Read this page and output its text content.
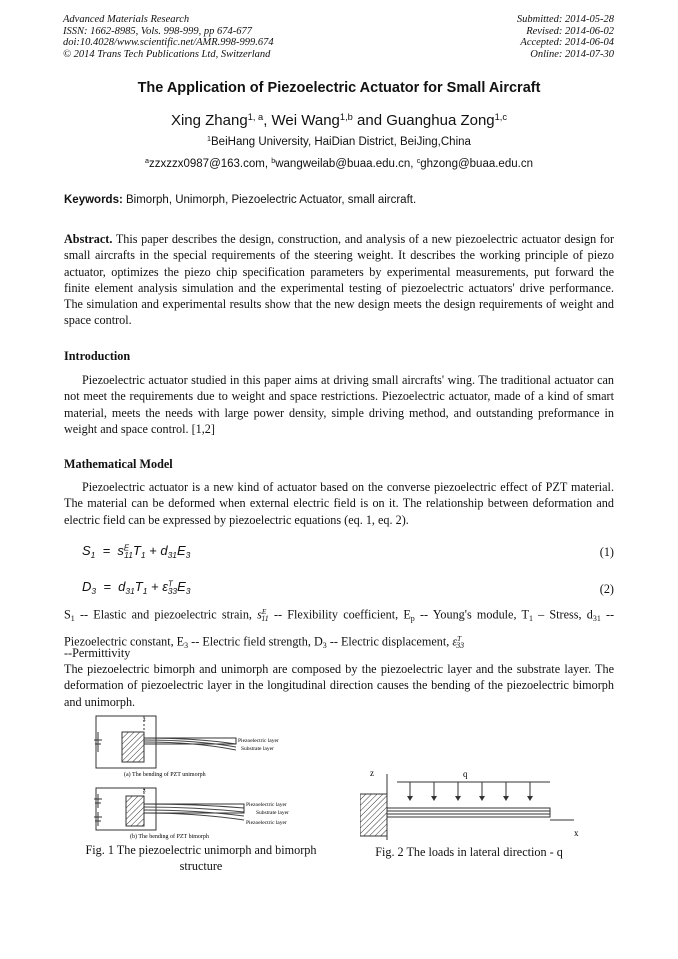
Advanced Materials Research
ISSN: 1662-8985, Vols. 998-999, pp 674-677
doi:10.4028/www.scientific.net/AMR.998-999.674
© 2014 Trans Tech Publications Ltd, Switzerland
Submitted: 2014-05-28
Revised: 2014-06-02
Accepted: 2014-06-04
Online: 2014-07-30
The Application of Piezoelectric Actuator for Small Aircraft
Xing Zhang$^{1, a}$, Wei Wang$^{1,b}$ and Guanghua Zong$^{1,c}$
$^1$BeiHang University, HaiDian District, BeiJing,China
$^a$zzxzzx0987@163.com, $^b$wangweilab@buaa.edu.cn, $^c$ghzong@buaa.edu.cn
Keywords: Bimorph, Unimorph, Piezoelectric Actuator, small aircraft.
Abstract. This paper describes the design, construction, and analysis of a new piezoelectric actuator design for small aircrafts in the special requirements of the steering weight. It describes the working principle of piezo actuator, optimizes the piezo chip specification parameters by experimental measurements, put forward the finite element analysis simulation and the experimental testing of piezoelectric actuators' drive performance. The simulation and experimental results show that the new design meets the design requirements of weight and space control.
Introduction
Piezoelectric actuator studied in this paper aims at driving small aircrafts' wing. The traditional actuator can not meet the requirements due to weight and space restrictions. Piezoelectric actuator, made of a kind of smart material, meets the needs with large power density, simple driving method, and outstanding preformance in weight and space control. [1,2]
Mathematical Model
Piezoelectric actuator is a new kind of actuator based on the converse piezoelectric effect of PZT material. The material can be deformed when external electric field is on it. The relationship between deformation and electric field can be expressed by piezoelectric equations (eq. 1, eq. 2).
$S_1 = s^E_{11}T_1 + d_{31}E_3$	(1)
$D_3 = d_{31}T_1 + \varepsilon^T_{33}E_3$	(2)
$S_1$ -- Elastic and piezoelectric strain, $s^E_{11}$ -- Flexibility coefficient, $E_p$ -- Young's module, $T_1$ – Stress, $d_{31}$ -- Piezoelectric constant, $E_3$ -- Electric field strength, $D_3$ -- Electric displacement, $\varepsilon^T_{33}$
--Permittivity
The piezoelectric bimorph and unimorph are composed by the piezoelectric layer and the substrate layer. The deformation of piezoelectric layer in the longitudinal direction causes the bending of the piezoelectric bimorph and unimorph.
z
Piezoelectric layer
Substrate layer
(a) The bending of PZT unimorph
z
Piezoelectric layer
Substrate layer
Piezoelectric layer
(b) The bending of PZT bimorph
Fig. 1 The piezoelectric unimorph and bimorph structure
z	q
x
Fig. 2 The loads in lateral direction - q
